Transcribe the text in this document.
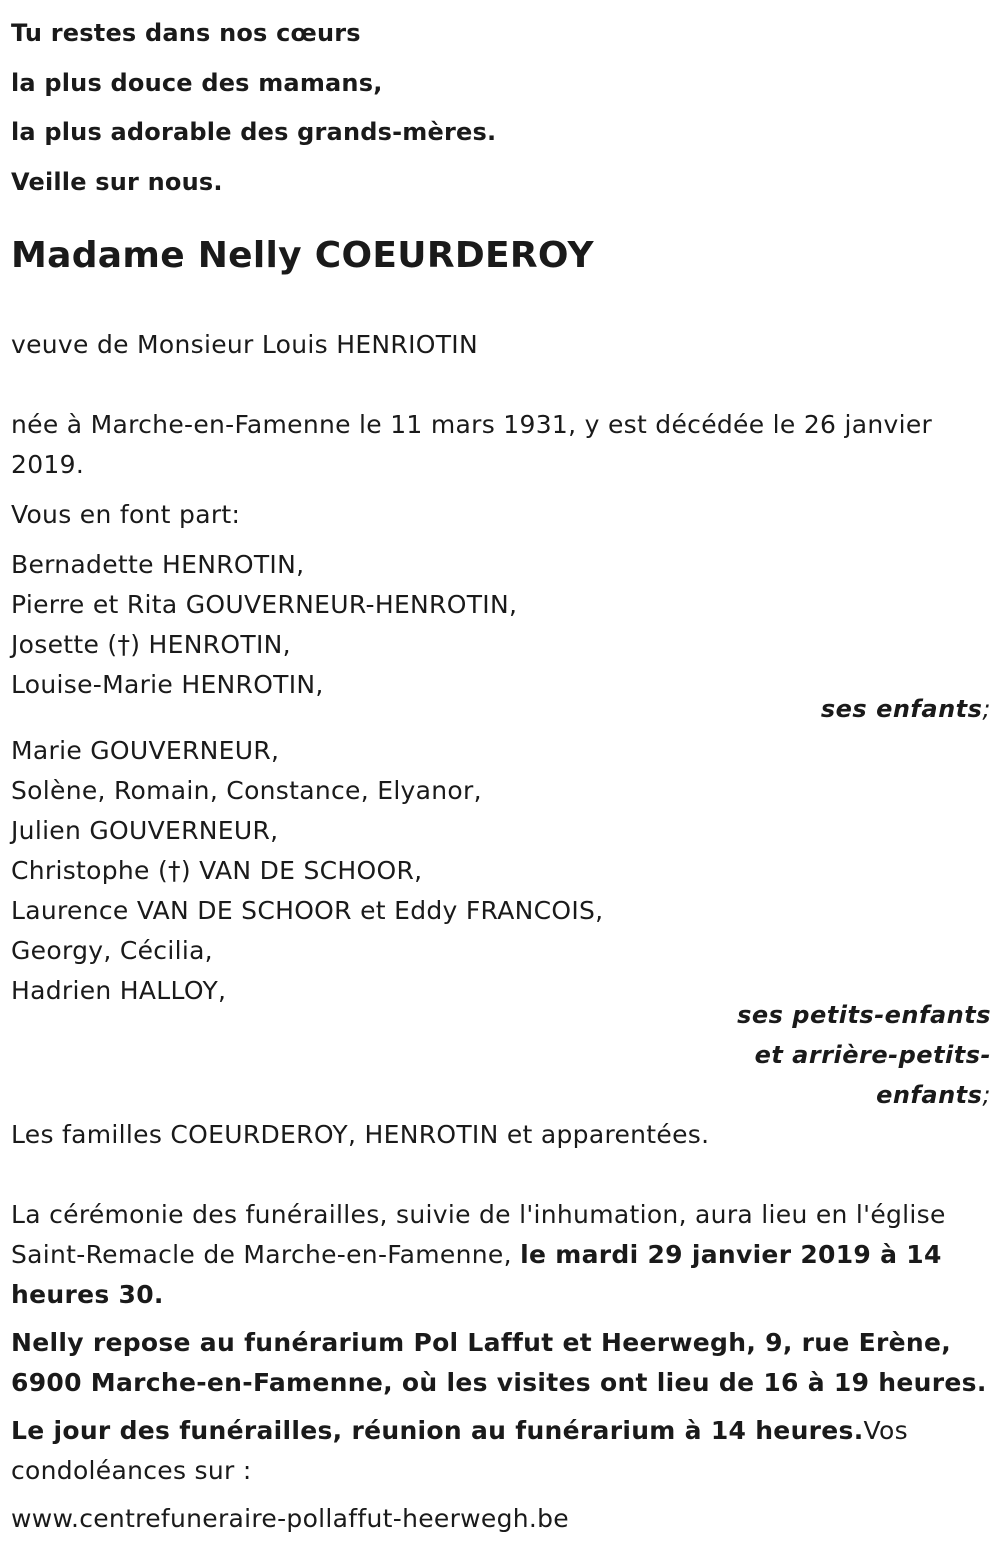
Tu restes dans nos cœurs
la plus douce des mamans,
la plus adorable des grands-mères.
Veille sur nous.
Madame Nelly COEURDEROY
veuve de Monsieur Louis HENRIOTIN
née à Marche-en-Famenne le 11 mars 1931, y est décédée le 26 janvier 2019.
Vous en font part:
Bernadette HENROTIN,
Pierre et Rita GOUVERNEUR-HENROTIN,
Josette (†) HENROTIN,
Louise-Marie HENROTIN,
ses enfants;
Marie GOUVERNEUR,
Solène, Romain, Constance, Elyanor,
Julien GOUVERNEUR,
Christophe (†) VAN DE SCHOOR,
Laurence VAN DE SCHOOR et Eddy FRANCOIS,
Georgy, Cécilia,
Hadrien HALLOY,
ses petits-enfants
et arrière-petits-
enfants;
Les familles COEURDEROY, HENROTIN et apparentées.
La cérémonie des funérailles, suivie de l'inhumation, aura lieu en l'église Saint-Remacle de Marche-en-Famenne, le mardi 29 janvier 2019 à 14 heures 30.
Nelly repose au funérarium Pol Laffut et Heerwegh, 9, rue Erène, 6900 Marche-en-Famenne, où les visites ont lieu de 16 à 19 heures.
Le jour des funérailles, réunion au funérarium à 14 heures.Vos condoléances sur :
www.centrefuneraire-pollaffut-heerwegh.be
